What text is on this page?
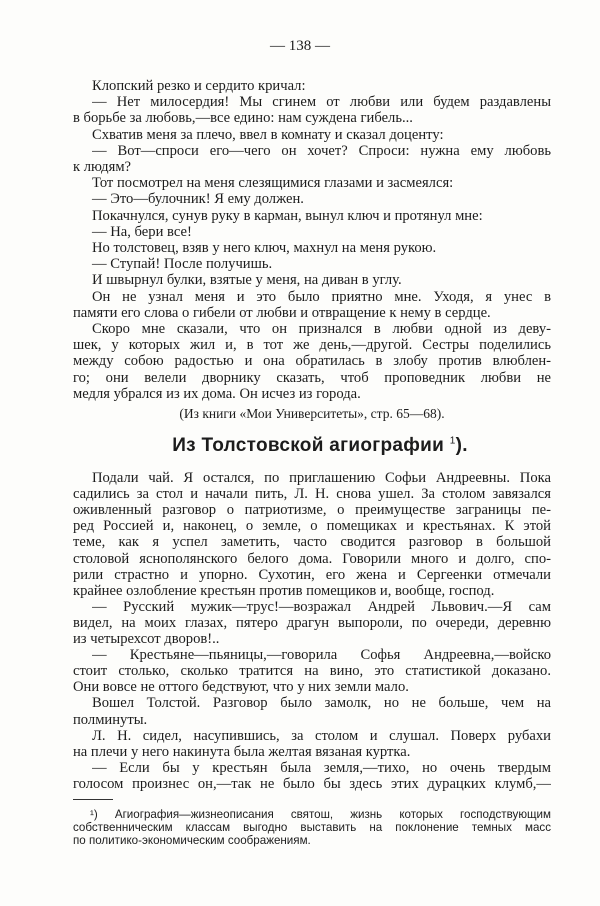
— 138 —
Клопский резко и сердито кричал:
— Нет милосердия! Мы сгинем от любви или будем раздавлены
в борьбе за любовь,—все едино: нам суждена гибель...
Схватив меня за плечо, ввел в комнату и сказал доценту:
— Вот—спроси его—чего он хочет? Спроси: нужна ему любовь
к людям?
Тот посмотрел на меня слезящимися глазами и засмеялся:
— Это—булочник! Я ему должен.
Покачнулся, сунув руку в карман, вынул ключ и протянул мне:
— На, бери все!
Но толстовец, взяв у него ключ, махнул на меня рукою.
— Ступай! После получишь.
И швырнул булки, взятые у меня, на диван в углу.
Он не узнал меня и это было приятно мне. Уходя, я унес в
памяти его слова о гибели от любви и отвращение к нему в сердце.
Скоро мне сказали, что он признался в любви одной из деву-
шек, у которых жил и, в тот же день,—другой. Сестры поделились
между собою радостью и она обратилась в злобу против влюблен-
го; они велели дворнику сказать, чтоб проповедник любви не
медля убрался из их дома. Он исчез из города.
(Из книги «Мои Университеты», стр. 65—68).
Из Толстовской агиографии $^1$).
Подали чай. Я остался, по приглашению Софьи Андреевны. Пока
садились за стол и начали пить, Л. Н. снова ушел. За столом завязался
оживленный разговор о патриотизме, о преимуществе заграницы пе-
ред Россией и, наконец, о земле, о помещиках и крестьянах. К этой
теме, как я успел заметить, часто сводится разговор в большой
столовой яснополянского белого дома. Говорили много и долго, спо-
рили страстно и упорно. Сухотин, его жена и Сергеенки отмечали
крайнее озлобление крестьян против помещиков и, вообще, господ.
— Русский мужик—трус!—возражал Андрей Львович.—Я сам
видел, на моих глазах, пятеро драгун выпороли, по очереди, деревню
из четырехсот дворов!..
— Крестьяне—пьяницы,—говорила Софья Андреевна,—войско
стоит столько, сколько тратится на вино, это статистикой доказано.
Они вовсе не оттого бедствуют, что у них земли мало.
Вошел Толстой. Разговор было замолк, но не больше, чем на
полминуты.
Л. Н. сидел, насупившись, за столом и слушал. Поверх рубахи
на плечи у него накинута была желтая вязаная куртка.
— Если бы у крестьян была земля,—тихо, но очень твердым
голосом произнес он,—так не было бы здесь этих дурацких клумб,—
¹) Агиография—жизнеописания святош, жизнь которых господствующим
собственническим классам выгодно выставить на поклонение темных масс
по политико-экономическим соображениям.
